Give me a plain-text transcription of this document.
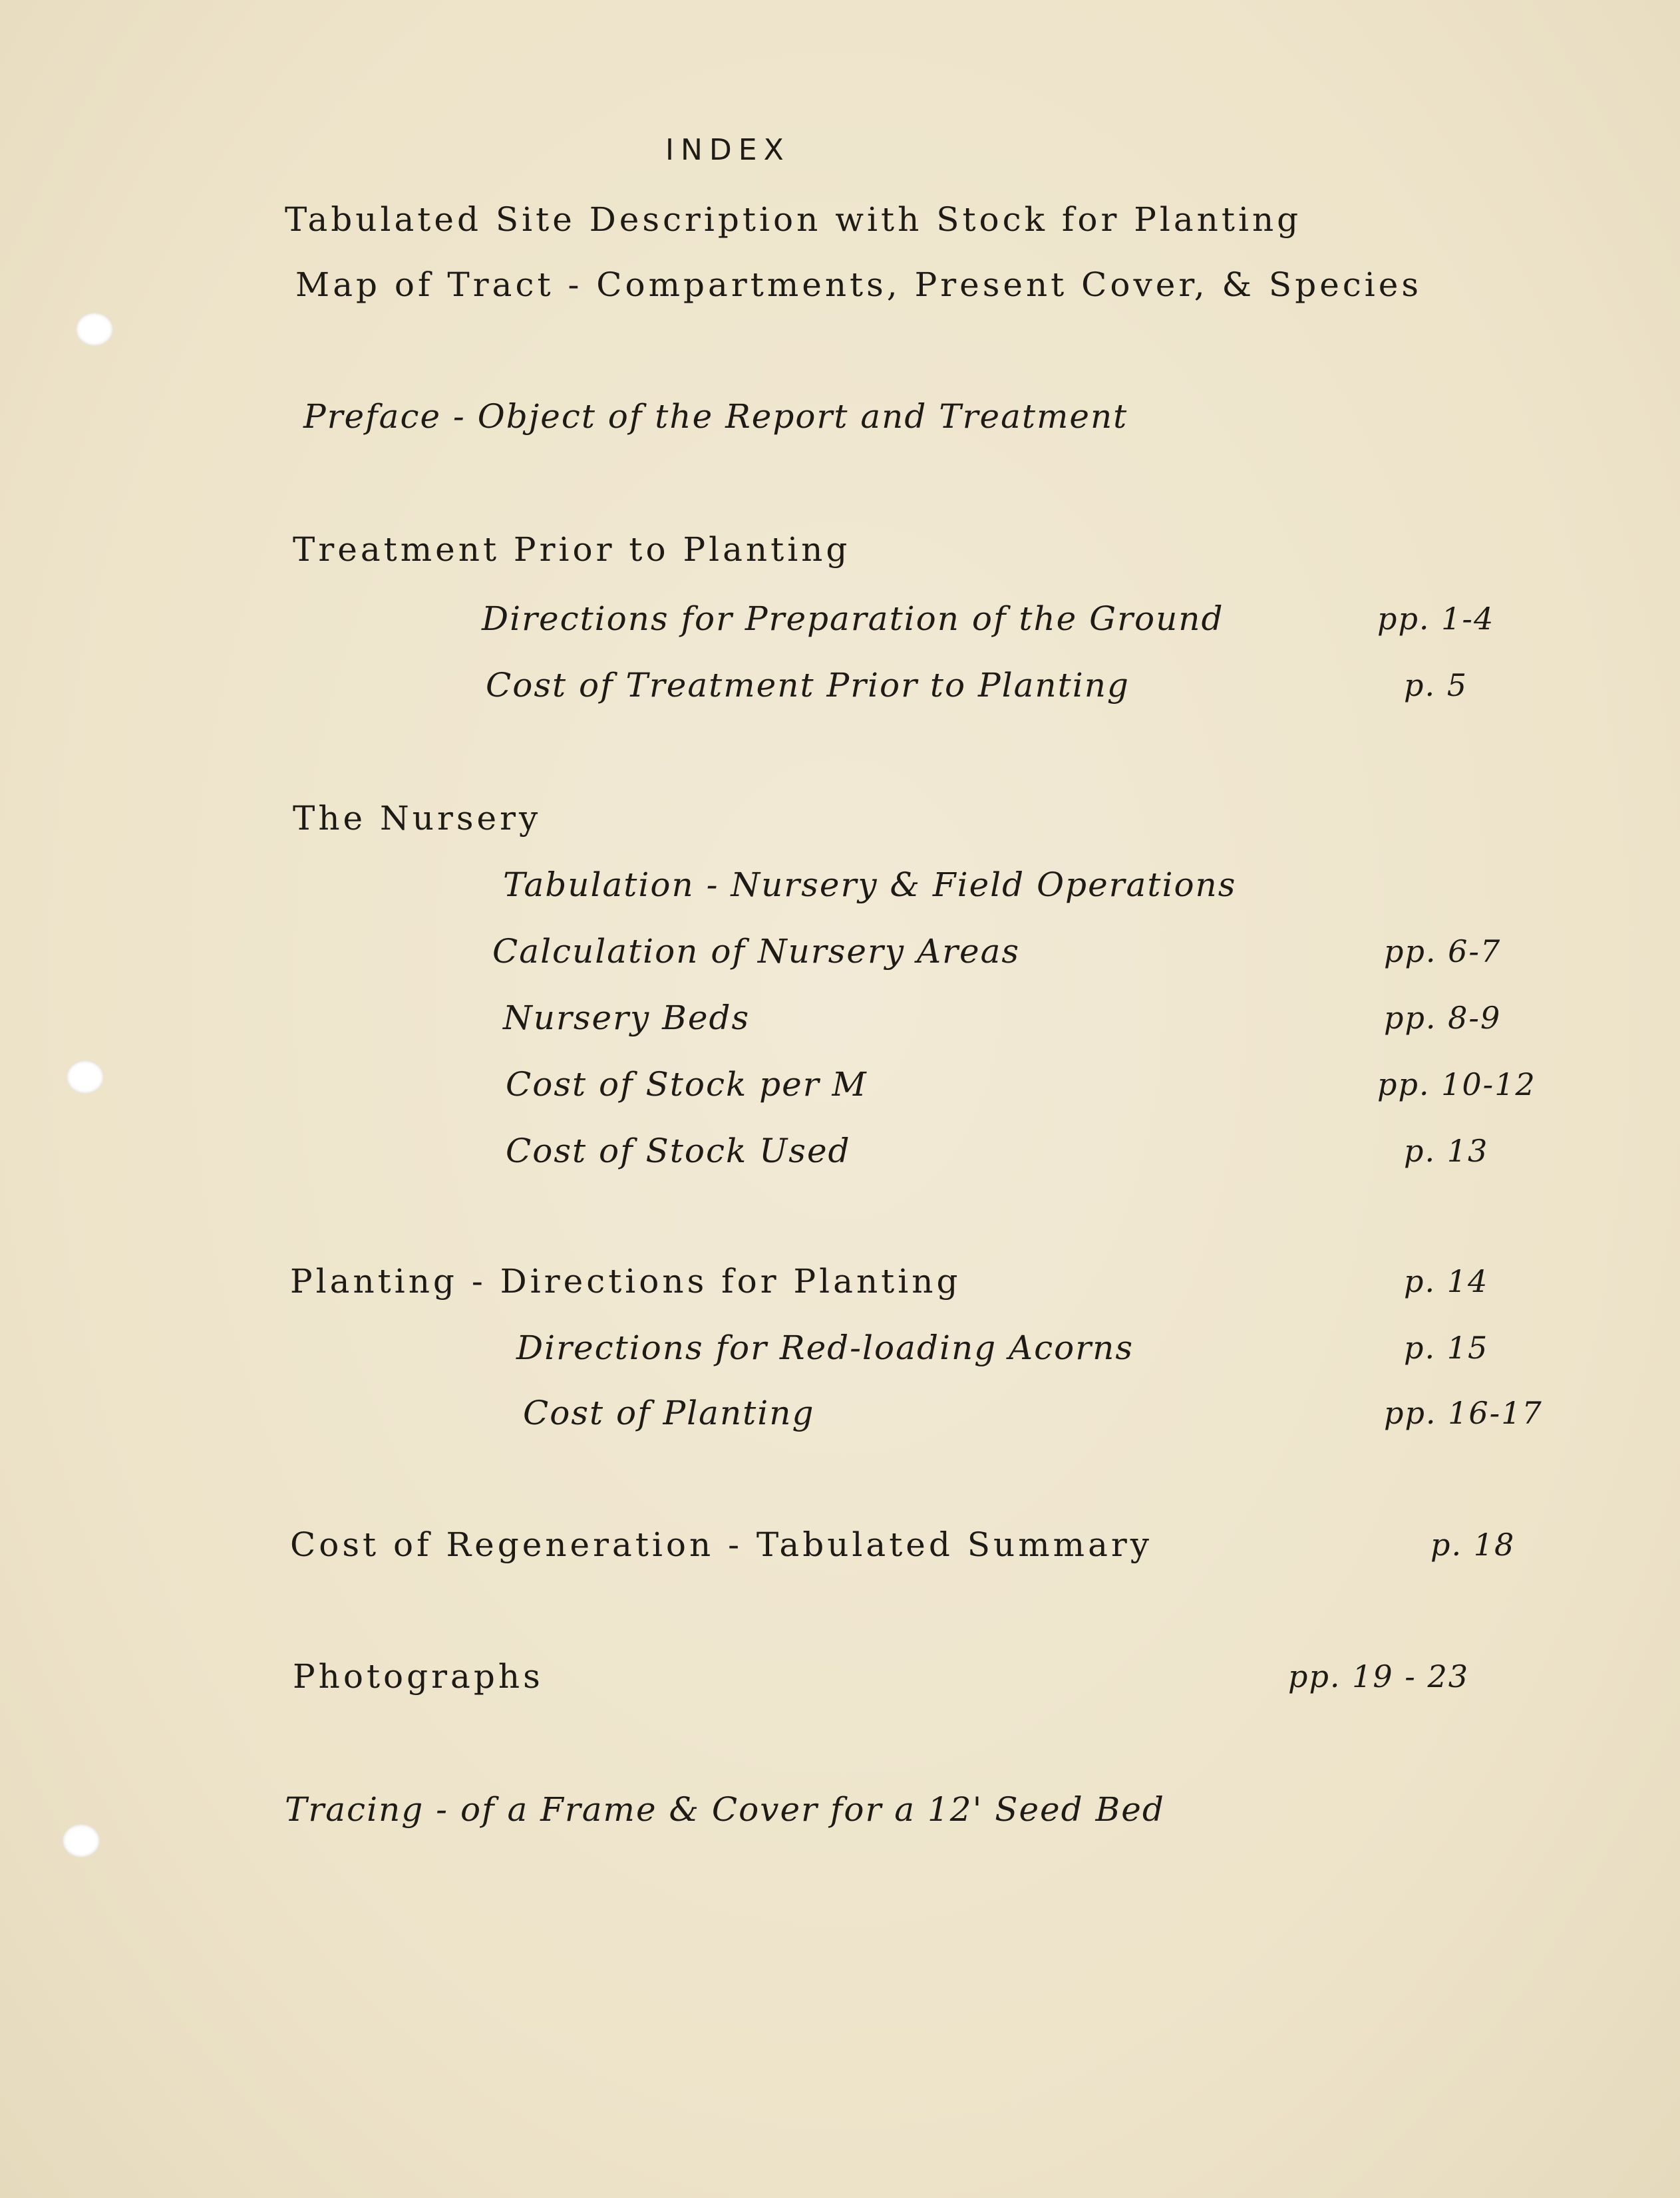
INDEX
Tabulated Site Description with Stock for Planting
Map of Tract - Compartments, Present Cover, & Species
Preface - Object of the Report and Treatment
Treatment Prior to Planting
Directions for Preparation of the Ground	pp. 1-4
Cost of Treatment Prior to Planting	p. 5
The Nursery
Tabulation - Nursery & Field Operations
Calculation of Nursery Areas	pp. 6-7
Nursery Beds	pp. 8-9
Cost of Stock per M	pp. 10-12
Cost of Stock Used	p. 13
Planting - Directions for Planting	p. 14
Directions for Red-loading Acorns	p. 15
Cost of Planting	pp. 16-17
Cost of Regeneration - Tabulated Summary	p. 18
Photographs	pp. 19 - 23
Tracing - of a Frame & Cover for a 12' Seed Bed
